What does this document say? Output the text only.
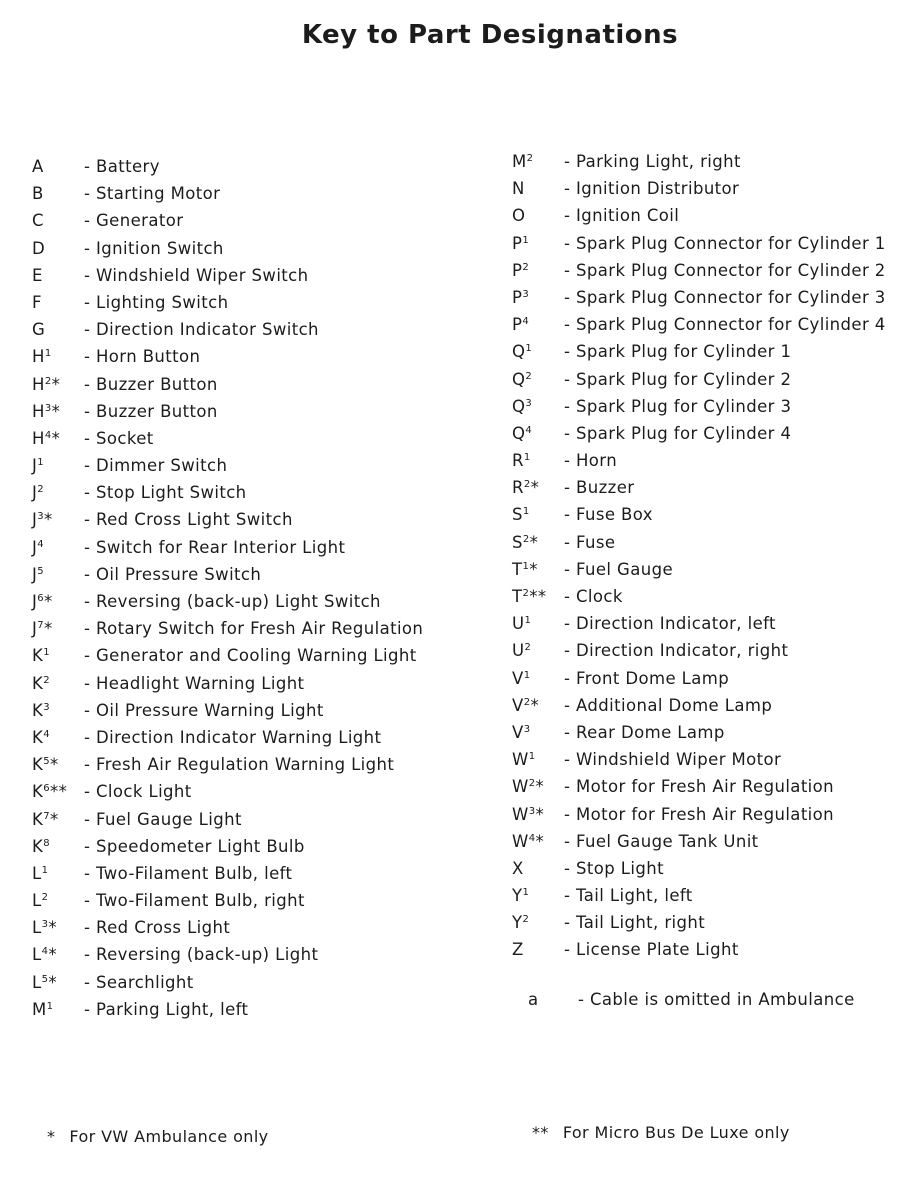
Key to Part Designations
A - Battery
B - Starting Motor
C - Generator
D - Ignition Switch
E - Windshield Wiper Switch
F	- Lighting Switch
G - Direction Indicator Switch
$H^1$ - Horn Button
$H^2*$ - Buzzer Button
$H^3*$ - Buzzer Button
$H^4*$ - Socket
$J^1$ - Dimmer Switch
$J^2$ - Stop Light Switch
$J^3*$ - Red Cross Light Switch
$J^4$ - Switch for Rear Interior Light
$J^5$ - Oil Pressure Switch
$J^6*$ - Reversing (back-up) Light Switch
$J^7*$ - Rotary Switch for Fresh Air Regulation
$K^1$ - Generator and Cooling Warning Light
$K^2$ - Headlight Warning Light
$K^3$ - Oil Pressure Warning Light
$K^4$ - Direction Indicator Warning Light
$K^5*$ - Fresh Air Regulation Warning Light
$K^6**$ - Clock Light
$K^7*$ - Fuel Gauge Light
$K^8$ - Speedometer Light Bulb
$L^1$ - Two-Filament Bulb, left
$L^2$ - Two-Filament Bulb, right
$L^3*$ - Red Cross Light
$L^4*$ - Reversing (back-up) Light
$L^5*$ - Searchlight
$M^1$ - Parking Light, left
$M^2$ - Parking Light, right
N - Ignition Distributor
O - Ignition Coil
$P^1$ - Spark Plug Connector for Cylinder 1
$P^2$ - Spark Plug Connector for Cylinder 2
$P^3$ - Spark Plug Connector for Cylinder 3
$P^4$ - Spark Plug Connector for Cylinder 4
$Q^1$ - Spark Plug for Cylinder 1
$Q^2$ - Spark Plug for Cylinder 2
$Q^3$ - Spark Plug for Cylinder 3
$Q^4$ - Spark Plug for Cylinder 4
$R^1$ - Horn
$R^2*$ - Buzzer
$S^1$ - Fuse Box
$S^2*$ - Fuse
$T^1*$ - Fuel Gauge
$T^2**$ - Clock
$U^1$ - Direction Indicator, left
$U^2$ - Direction Indicator, right
$V^1$ - Front Dome Lamp
$V^2*$ - Additional Dome Lamp
$V^3$ - Rear Dome Lamp
$W^1$ - Windshield Wiper Motor
$W^2*$ - Motor for Fresh Air Regulation
$W^3*$ - Motor for Fresh Air Regulation
$W^4*$ - Fuel Gauge Tank Unit
X - Stop Light
$Y^1$ - Tail Light, left
$Y^2$ - Tail Light, right
Z - License Plate Light
a - Cable is omitted in Ambulance
* For VW Ambulance only	** For Micro Bus De Luxe only
